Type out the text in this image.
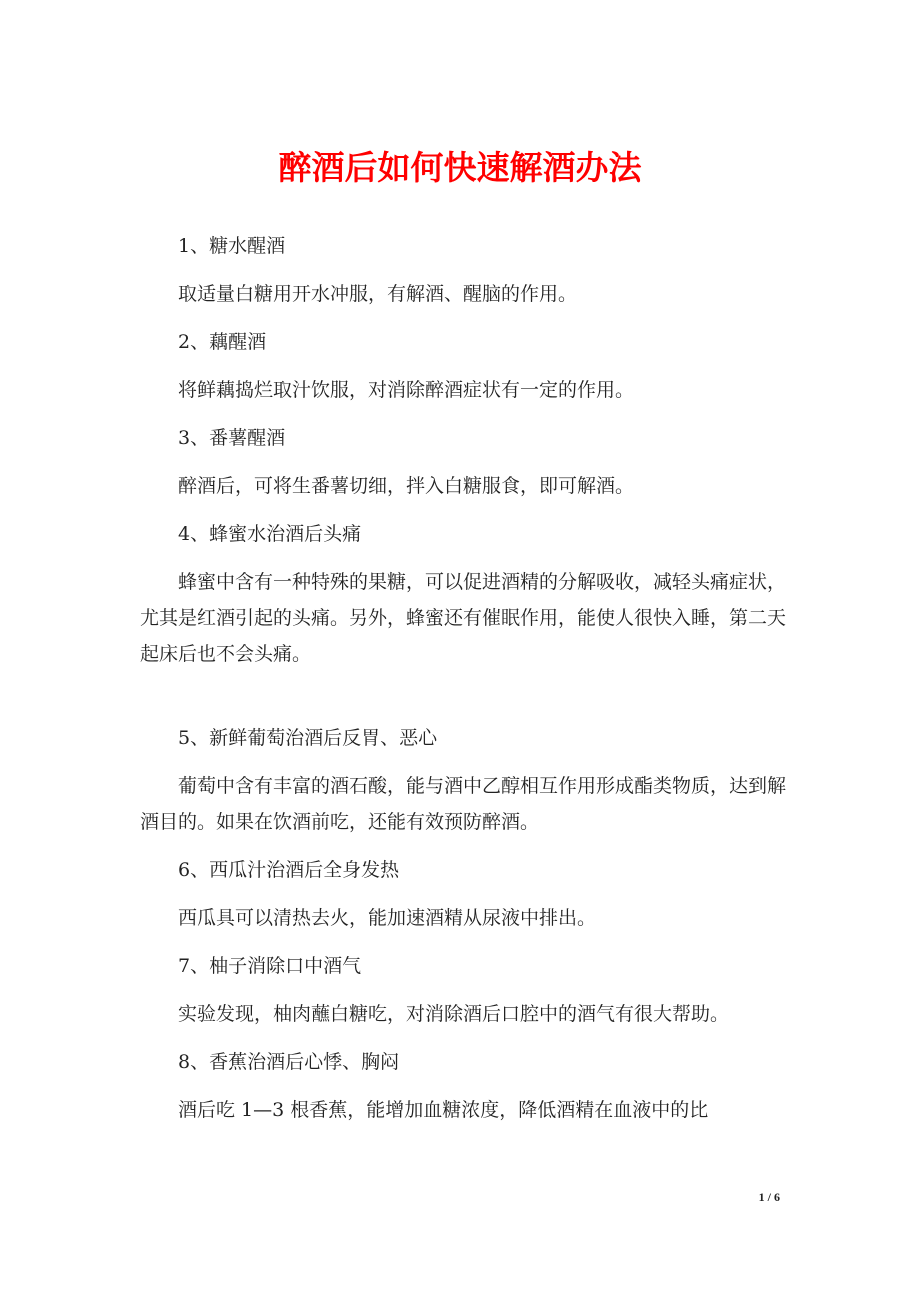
醉酒后如何快速解酒办法

1、糖水醒酒

取适量白糖用开水冲服，有解酒、醒脑的作用。

2、藕醒酒

将鲜藕捣烂取汁饮服，对消除醉酒症状有一定的作用。

3、番薯醒酒

醉酒后，可将生番薯切细，拌入白糖服食，即可解酒。

4、蜂蜜水治酒后头痛

蜂蜜中含有一种特殊的果糖，可以促进酒精的分解吸收，减轻头痛症状，尤其是红酒引起的头痛。另外，蜂蜜还有催眠作用，能使人很快入睡，第二天起床后也不会头痛。

5、新鲜葡萄治酒后反胃、恶心

葡萄中含有丰富的酒石酸，能与酒中乙醇相互作用形成酯类物质，达到解酒目的。如果在饮酒前吃，还能有效预防醉酒。

6、西瓜汁治酒后全身发热

西瓜具可以清热去火，能加速酒精从尿液中排出。

7、柚子消除口中酒气

实验发现，柚肉蘸白糖吃，对消除酒后口腔中的酒气有很大帮助。

8、香蕉治酒后心悸、胸闷

酒后吃 1—3 根香蕉，能增加血糖浓度，降低酒精在血液中的比

1 / 6
